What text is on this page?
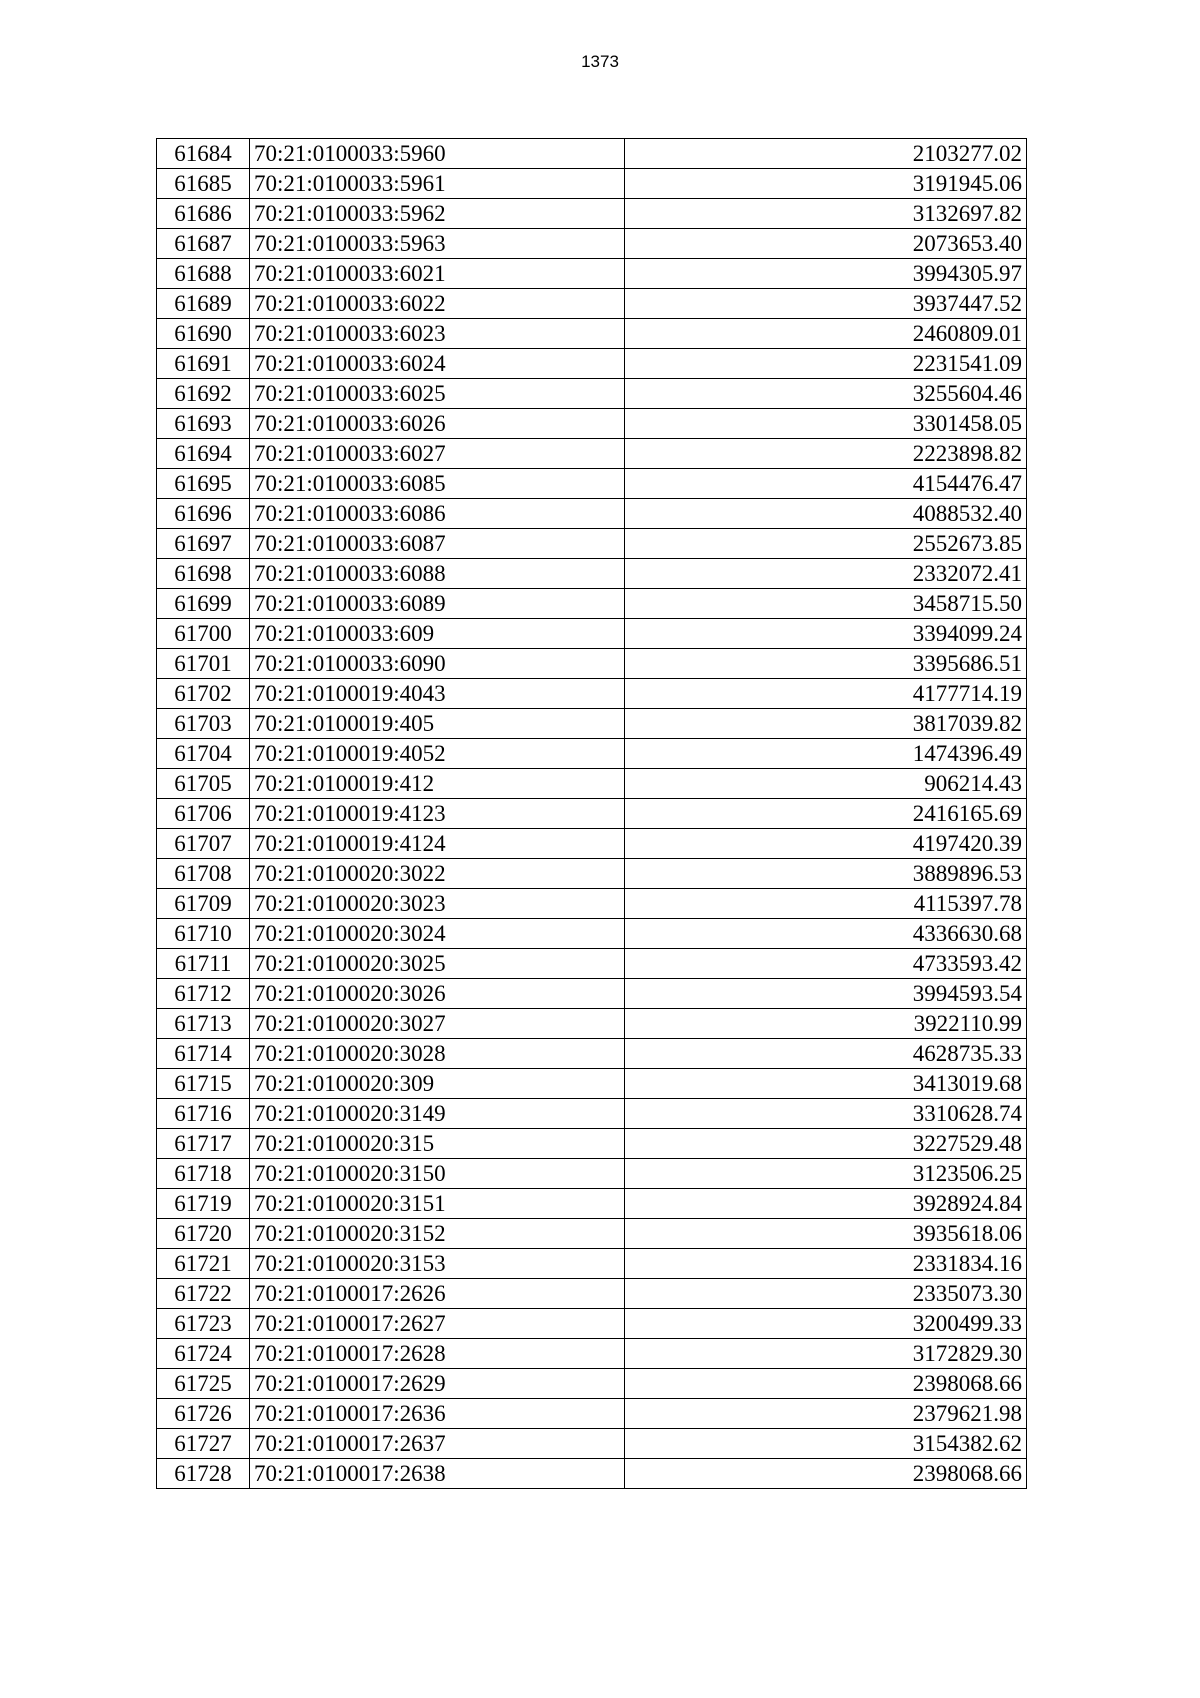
1373
61684	70:21:0100033:5960	2103277.02
61685	70:21:0100033:5961	3191945.06
61686	70:21:0100033:5962	3132697.82
61687	70:21:0100033:5963	2073653.40
61688	70:21:0100033:6021	3994305.97
61689	70:21:0100033:6022	3937447.52
61690	70:21:0100033:6023	2460809.01
61691	70:21:0100033:6024	2231541.09
61692	70:21:0100033:6025	3255604.46
61693	70:21:0100033:6026	3301458.05
61694	70:21:0100033:6027	2223898.82
61695	70:21:0100033:6085	4154476.47
61696	70:21:0100033:6086	4088532.40
61697	70:21:0100033:6087	2552673.85
61698	70:21:0100033:6088	2332072.41
61699	70:21:0100033:6089	3458715.50
61700	70:21:0100033:609	3394099.24
61701	70:21:0100033:6090	3395686.51
61702	70:21:0100019:4043	4177714.19
61703	70:21:0100019:405	3817039.82
61704	70:21:0100019:4052	1474396.49
61705	70:21:0100019:412	906214.43
61706	70:21:0100019:4123	2416165.69
61707	70:21:0100019:4124	4197420.39
61708	70:21:0100020:3022	3889896.53
61709	70:21:0100020:3023	4115397.78
61710	70:21:0100020:3024	4336630.68
61711	70:21:0100020:3025	4733593.42
61712	70:21:0100020:3026	3994593.54
61713	70:21:0100020:3027	3922110.99
61714	70:21:0100020:3028	4628735.33
61715	70:21:0100020:309	3413019.68
61716	70:21:0100020:3149	3310628.74
61717	70:21:0100020:315	3227529.48
61718	70:21:0100020:3150	3123506.25
61719	70:21:0100020:3151	3928924.84
61720	70:21:0100020:3152	3935618.06
61721	70:21:0100020:3153	2331834.16
61722	70:21:0100017:2626	2335073.30
61723	70:21:0100017:2627	3200499.33
61724	70:21:0100017:2628	3172829.30
61725	70:21:0100017:2629	2398068.66
61726	70:21:0100017:2636	2379621.98
61727	70:21:0100017:2637	3154382.62
61728	70:21:0100017:2638	2398068.66
